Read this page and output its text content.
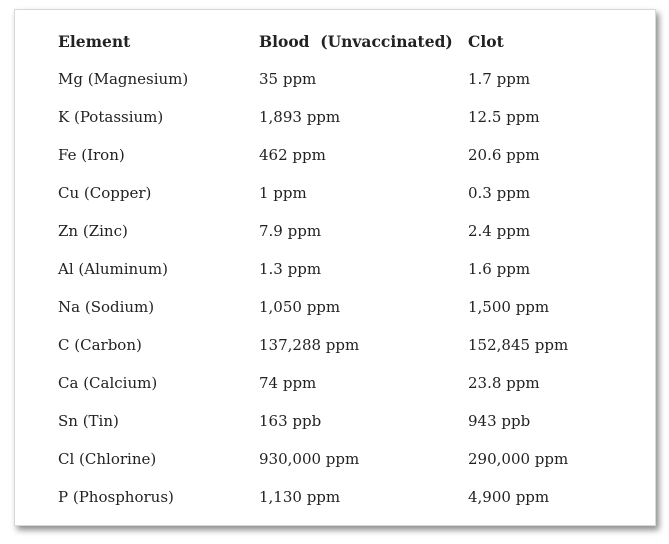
Element	Blood  (Unvaccinated)	Clot
Mg (Magnesium)	35 ppm	1.7 ppm
K (Potassium)	1,893 ppm	12.5 ppm
Fe (Iron)	462 ppm	20.6 ppm
Cu (Copper)	1 ppm	0.3 ppm
Zn (Zinc)	7.9 ppm	2.4 ppm
Al (Aluminum)	1.3 ppm	1.6 ppm
Na (Sodium)	1,050 ppm	1,500 ppm
C (Carbon)	137,288 ppm	152,845 ppm
Ca (Calcium)	74 ppm	23.8 ppm
Sn (Tin)	163 ppb	943 ppb
Cl (Chlorine)	930,000 ppm	290,000 ppm
P (Phosphorus)	1,130 ppm	4,900 ppm
